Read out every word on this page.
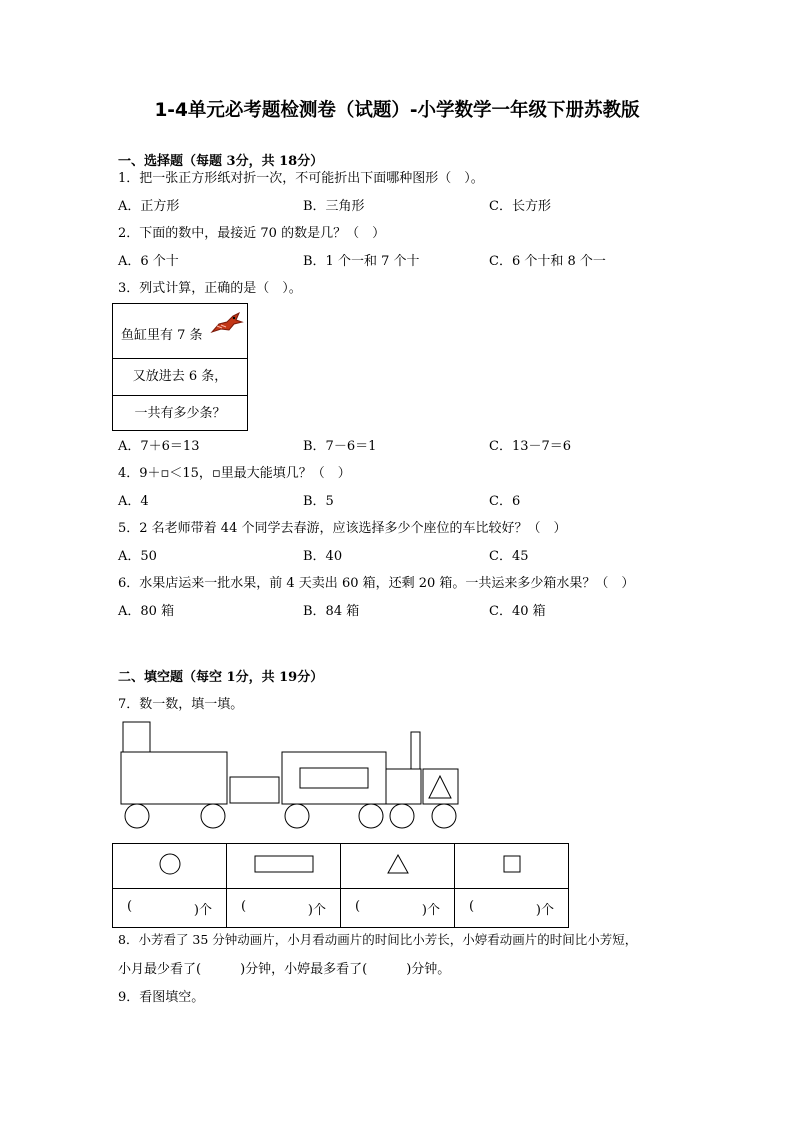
1-4单元必考题检测卷（试题）-小学数学一年级下册苏教版
一、选择题（每题 3分，共 18分）
1．把一张正方形纸对折一次，不可能折出下面哪种图形（　）。
A．正方形	B．三角形	C．长方形
2．下面的数中，最接近 70 的数是几？（　）
A．6 个十	B．1 个一和 7 个十	C．6 个十和 8 个一
3．列式计算，正确的是（　）。
鱼缸里有 7 条
又放进去 6 条，
一共有多少条？
A．7＋6＝13	B．7－6＝1	C．13－7＝6
4．9＋▫＜15，▫里最大能填几？（　）
A．4	B．5	C．6
5．2 名老师带着 44 个同学去春游，应该选择多少个座位的车比较好？（　）
A．50	B．40	C．45
6．水果店运来一批水果，前 4 天卖出 60 箱，还剩 20 箱。一共运来多少箱水果？（　）
A．80 箱	B．84 箱	C．40 箱
二、填空题（每空 1分，共 19分）
7．数一数，填一填。

( )个	( )个	( )个	( )个
8．小芳看了 35 分钟动画片，小月看动画片的时间比小芳长，小婷看动画片的时间比小芳短，
小月最少看了(　　　)分钟，小婷最多看了(　　　)分钟。
9．看图填空。
